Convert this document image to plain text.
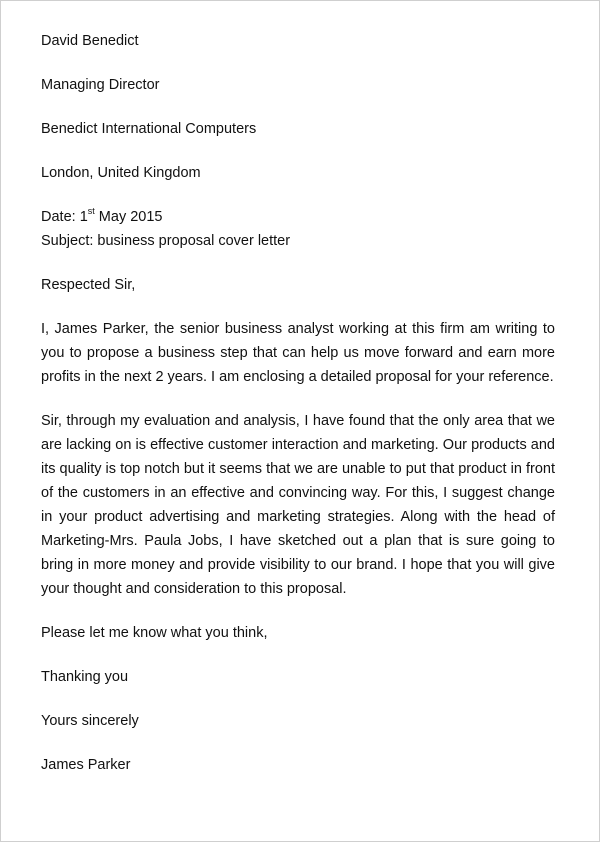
David Benedict

Managing Director

Benedict International Computers

London, United Kingdom

Date: 1st May 2015

Subject: business proposal cover letter

Respected Sir,

I, James Parker, the senior business analyst working at this firm am writing to you to propose a business step that can help us move forward and earn more profits in the next 2 years. I am enclosing a detailed proposal for your reference.

Sir, through my evaluation and analysis, I have found that the only area that we are lacking on is effective customer interaction and marketing. Our products and its quality is top notch but it seems that we are unable to put that product in front of the customers in an effective and convincing way. For this, I suggest change in your product advertising and marketing strategies. Along with the head of Marketing-Mrs. Paula Jobs, I have sketched out a plan that is sure going to bring in more money and provide visibility to our brand. I hope that you will give your thought and consideration to this proposal.

Please let me know what you think,

Thanking you

Yours sincerely

James Parker
